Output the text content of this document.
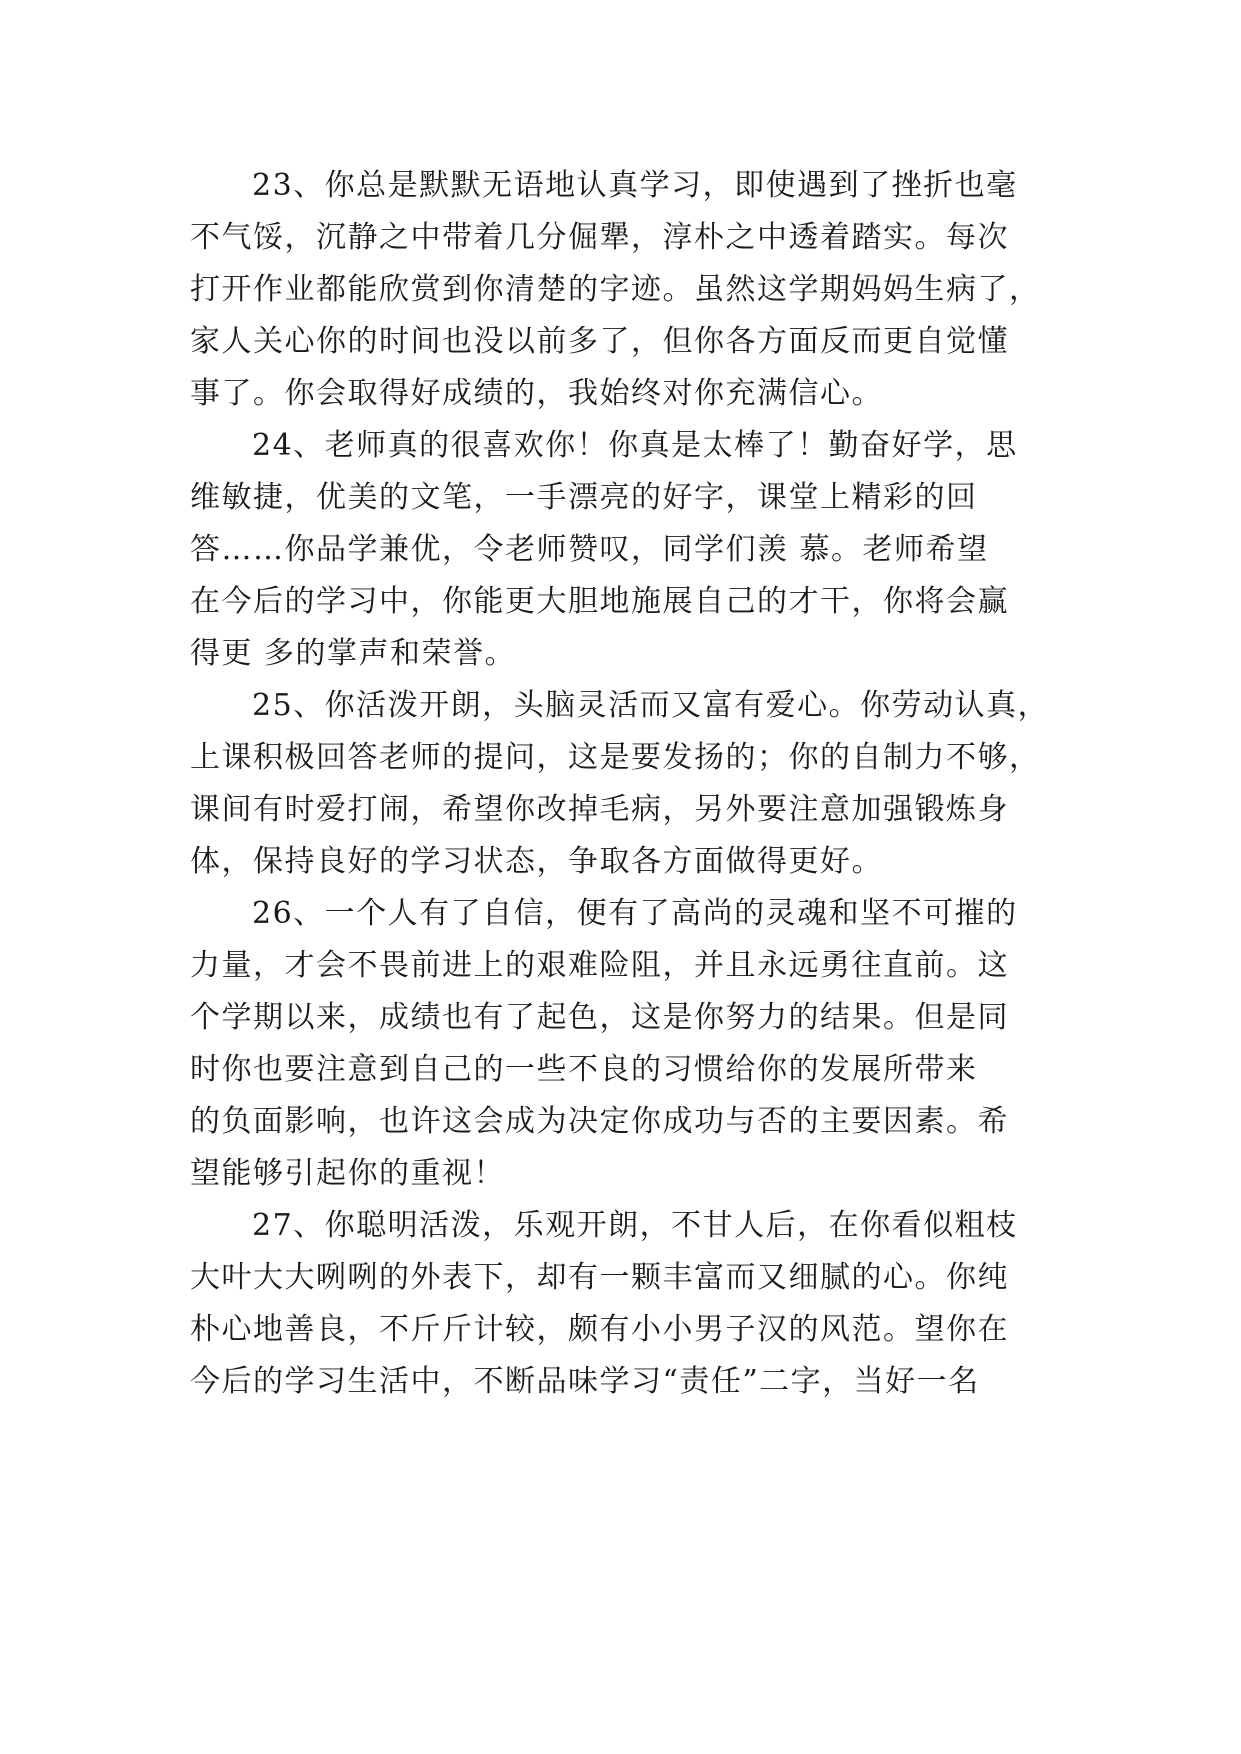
23、你总是默默无语地认真学习，即使遇到了挫折也毫
不气馁，沉静之中带着几分倔犟，淳朴之中透着踏实。每次
打开作业都能欣赏到你清楚的字迹。虽然这学期妈妈生病了，
家人关心你的时间也没以前多了，但你各方面反而更自觉懂
事了。你会取得好成绩的，我始终对你充满信心。
24、老师真的很喜欢你！你真是太棒了！勤奋好学，思
维敏捷，优美的文笔，一手漂亮的好字，课堂上精彩的回
答……你品学兼优，令老师赞叹，同学们羡 慕。老师希望
在今后的学习中，你能更大胆地施展自己的才干，你将会赢
得更 多的掌声和荣誉。
25、你活泼开朗，头脑灵活而又富有爱心。你劳动认真，
上课积极回答老师的提问，这是要发扬的；你的自制力不够，
课间有时爱打闹，希望你改掉毛病，另外要注意加强锻炼身
体，保持良好的学习状态，争取各方面做得更好。
26、一个人有了自信，便有了高尚的灵魂和坚不可摧的
力量，才会不畏前进上的艰难险阻，并且永远勇往直前。这
个学期以来，成绩也有了起色，这是你努力的结果。但是同
时你也要注意到自己的一些不良的习惯给你的发展所带来
的负面影响，也许这会成为决定你成功与否的主要因素。希
望能够引起你的重视！
27、你聪明活泼，乐观开朗，不甘人后，在你看似粗枝
大叶大大咧咧的外表下，却有一颗丰富而又细腻的心。你纯
朴心地善良，不斤斤计较，颇有小小男子汉的风范。望你在
今后的学习生活中，不断品味学习“责任”二字，当好一名
